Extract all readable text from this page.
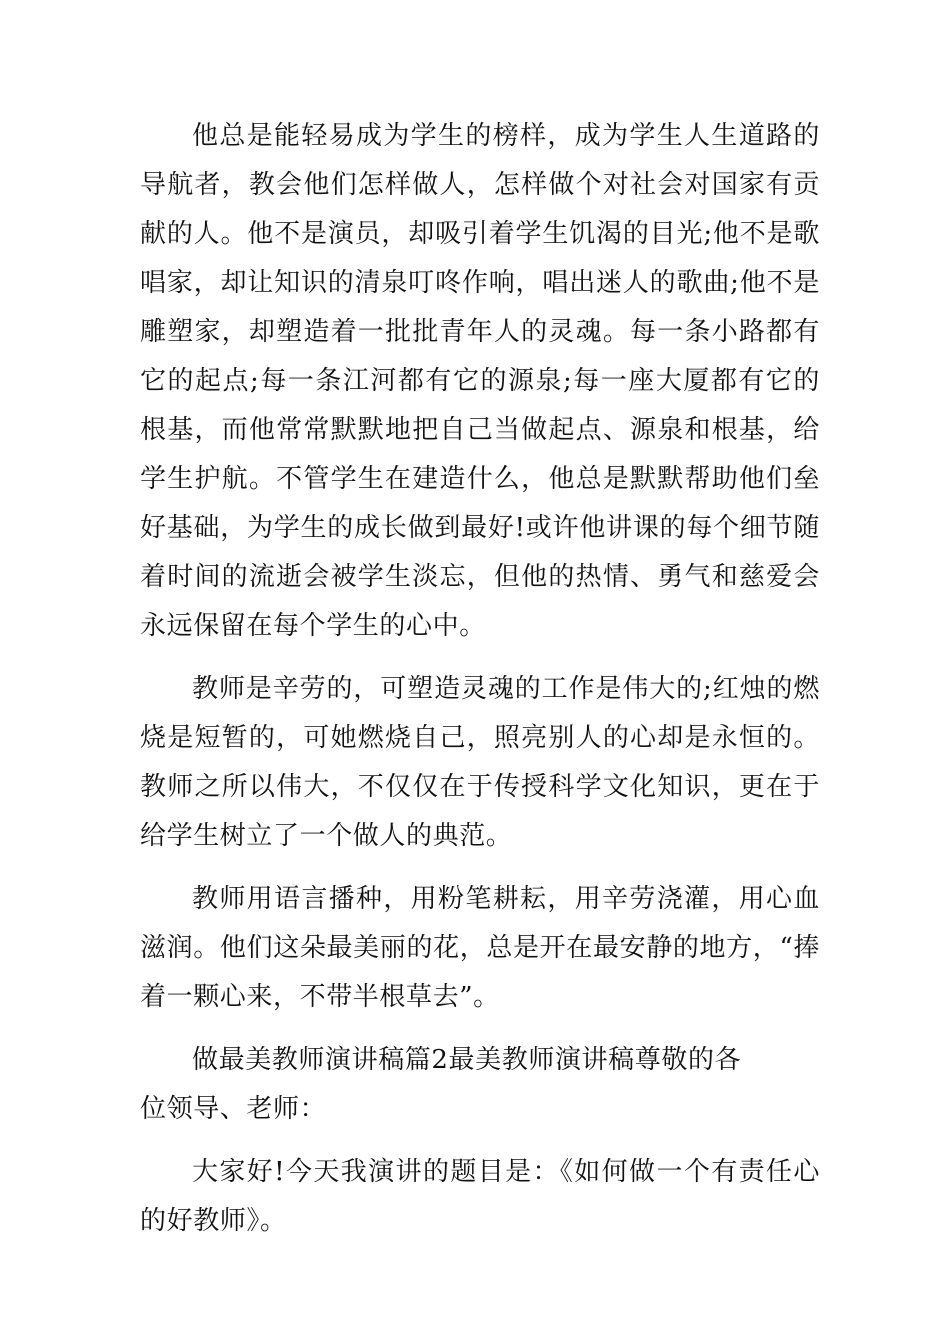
他总是能轻易成为学生的榜样，成为学生人生道路的导航者，教会他们怎样做人，怎样做个对社会对国家有贡献的人。他不是演员，却吸引着学生饥渴的目光;他不是歌唱家，却让知识的清泉叮咚作响，唱出迷人的歌曲;他不是雕塑家，却塑造着一批批青年人的灵魂。每一条小路都有它的起点;每一条江河都有它的源泉;每一座大厦都有它的根基，而他常常默默地把自己当做起点、源泉和根基，给学生护航。不管学生在建造什么，他总是默默帮助他们垒好基础，为学生的成长做到最好!或许他讲课的每个细节随着时间的流逝会被学生淡忘，但他的热情、勇气和慈爱会永远保留在每个学生的心中。

教师是辛劳的，可塑造灵魂的工作是伟大的;红烛的燃烧是短暂的，可她燃烧自己，照亮别人的心却是永恒的。教师之所以伟大，不仅仅在于传授科学文化知识，更在于给学生树立了一个做人的典范。

教师用语言播种，用粉笔耕耘，用辛劳浇灌，用心血滋润。他们这朵最美丽的花，总是开在最安静的地方，“捧着一颗心来，不带半根草去”。

做最美教师演讲稿篇2最美教师演讲稿尊敬的各

位领导、老师：

大家好!今天我演讲的题目是：《如何做一个有责任心的好教师》。
